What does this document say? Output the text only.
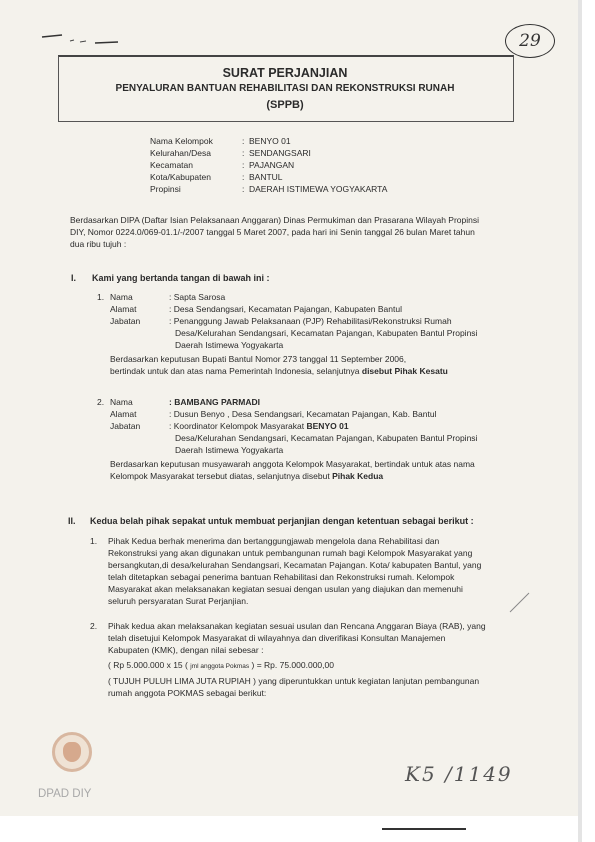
29
SURAT PERJANJIAN
PENYALURAN BANTUAN REHABILITASI DAN REKONSTRUKSI RUNAH
(SPPB)
Nama Kelompok	: BENYO 01
Kelurahan/Desa	: SENDANGSARI
Kecamatan	: PAJANGAN
Kota/Kabupaten	: BANTUL
Propinsi	: DAERAH ISTIMEWA YOGYAKARTA
Berdasarkan DIPA (Daftar Isian Pelaksanaan Anggaran) Dinas Permukiman dan Prasarana Wilayah Propinsi
DIY, Nomor 0224.0/069-01.1/-/2007 tanggal 5 Maret 2007, pada hari ini Senin tanggal 26 bulan Maret tahun
dua ribu tujuh :
I. Kami yang bertanda tangan di bawah ini :
1. Nama	: Sapta Sarosa
Alamat	: Desa Sendangsari, Kecamatan Pajangan, Kabupaten Bantul
Jabatan	: Penanggung Jawab Pelaksanaan (PJP) Rehabilitasi/Rekonstruksi Rumah
Desa/Kelurahan Sendangsari, Kecamatan Pajangan, Kabupaten Bantul Propinsi
Daerah Istimewa Yogyakarta
Berdasarkan keputusan Bupati Bantul Nomor 273 tanggal 11 September 2006,
bertindak untuk dan atas nama Pemerintah Indonesia, selanjutnya disebut Pihak Kesatu
2. Nama	: BAMBANG PARMADI
Alamat	: Dusun Benyo , Desa Sendangsari, Kecamatan Pajangan, Kab. Bantul
Jabatan	: Koordinator Kelompok Masyarakat BENYO 01
Desa/Kelurahan Sendangsari, Kecamatan Pajangan, Kabupaten Bantul Propinsi
Daerah Istimewa Yogyakarta
Berdasarkan keputusan musyawarah anggota Kelompok Masyarakat, bertindak untuk atas nama
Kelompok Masyarakat tersebut diatas, selanjutnya disebut Pihak Kedua
II. Kedua belah pihak sepakat untuk membuat perjanjian dengan ketentuan sebagai berikut :
1. Pihak Kedua berhak menerima dan bertanggungjawab mengelola dana Rehabilitasi dan
Rekonstruksi yang akan digunakan untuk pembangunan rumah bagi Kelompok Masyarakat yang
bersangkutan,di desa/kelurahan Sendangsari, Kecamatan Pajangan. Kota/ kabupaten Bantul, yang
telah ditetapkan sebagai penerima bantuan Rehabilitasi dan Rekonstruksi rumah. Kelompok
Masyarakat akan melaksanakan kegiatan sesuai dengan usulan yang diajukan dan memenuhi
seluruh persyaratan Surat Perjanjian.
2. Pihak kedua akan melaksanakan kegiatan sesuai usulan dan Rencana Anggaran Biaya (RAB), yang
telah disetujui Kelompok Masyarakat di wilayahnya dan diverifikasi Konsultan Manajemen
Kabupaten (KMK), dengan nilai sebesar :
( Rp 5.000.000 x 15 ( jml anggota Pokmas ) = Rp. 75.000.000,00
( TUJUH PULUH LIMA JUTA RUPIAH ) yang diperuntukkan untuk kegiatan lanjutan pembangunan
rumah anggota POKMAS sebagai berikut:
DPAD DIY
K5 /1149
